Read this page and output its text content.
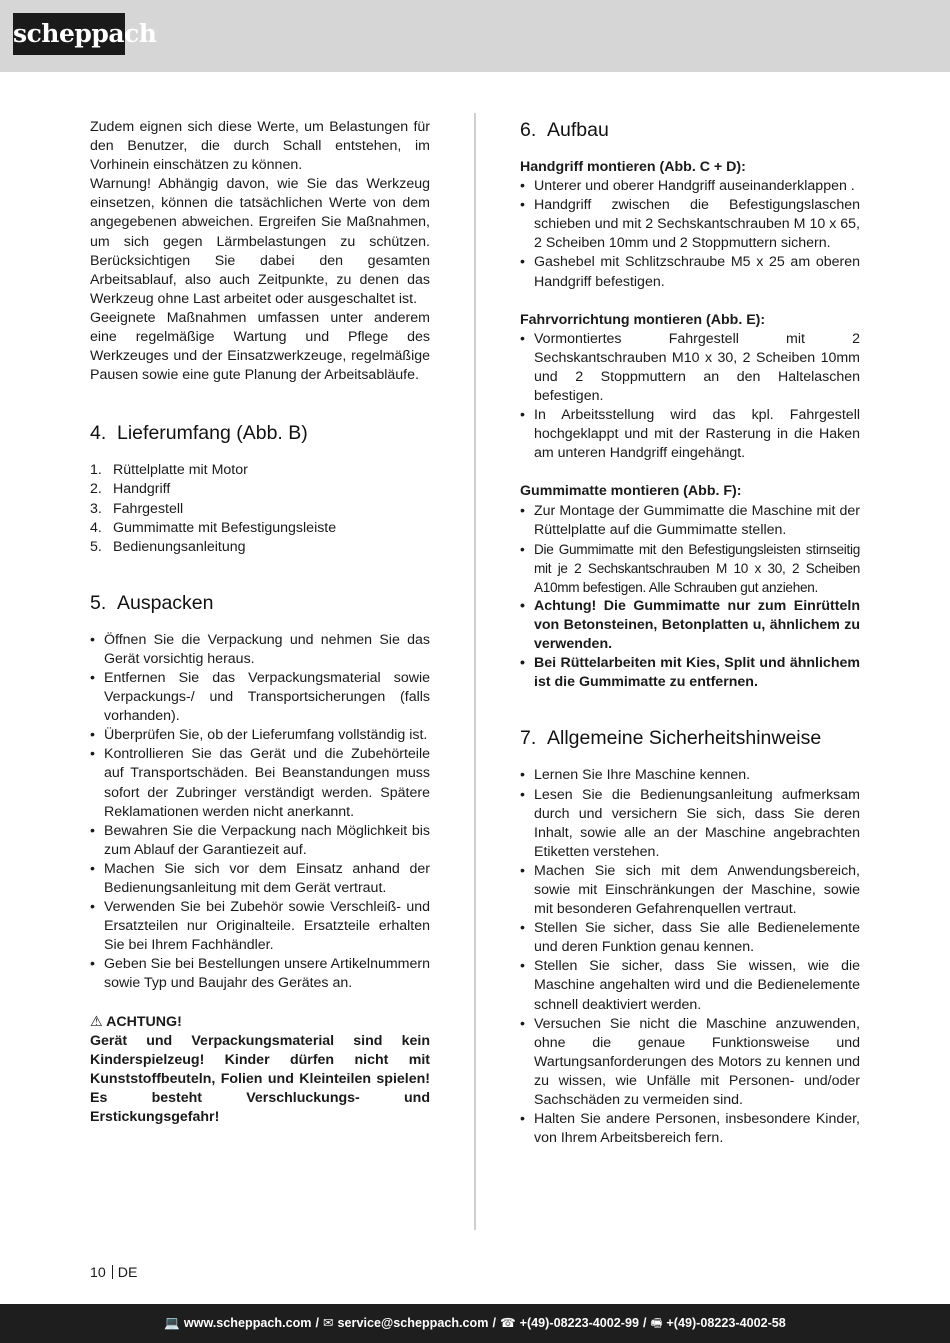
scheppach

Zudem eignen sich diese Werte, um Belastungen für den Benutzer, die durch Schall entstehen, im Vorhinein einschätzen zu können.

Warnung! Abhängig davon, wie Sie das Werkzeug einsetzen, können die tatsächlichen Werte von dem angegebenen abweichen. Ergreifen Sie Maßnahmen, um sich gegen Lärmbelastungen zu schützen. Berücksichtigen Sie dabei den gesamten Arbeitsablauf, also auch Zeitpunkte, zu denen das Werkzeug ohne Last arbeitet oder ausgeschaltet ist.

Geeignete Maßnahmen umfassen unter anderem eine regelmäßige Wartung und Pflege des Werkzeuges und der Einsatzwerkzeuge, regelmäßige Pausen sowie eine gute Planung der Arbeitsabläufe.

4. Lieferumfang (Abb. B)
1. Rüttelplatte mit Motor
2. Handgriff
3. Fahrgestell
4. Gummimatte mit Befestigungsleiste
5. Bedienungsanleitung
5. Auspacken
• Öffnen Sie die Verpackung und nehmen Sie das Gerät vorsichtig heraus.
• Entfernen Sie das Verpackungsmaterial sowie Verpackungs-/ und Transportsicherungen (falls vorhanden).
• Überprüfen Sie, ob der Lieferumfang vollständig ist.
• Kontrollieren Sie das Gerät und die Zubehörteile auf Transportschäden. Bei Beanstandungen muss sofort der Zubringer verständigt werden. Spätere Reklamationen werden nicht anerkannt.
• Bewahren Sie die Verpackung nach Möglichkeit bis zum Ablauf der Garantiezeit auf.
• Machen Sie sich vor dem Einsatz anhand der Bedienungsanleitung mit dem Gerät vertraut.
• Verwenden Sie bei Zubehör sowie Verschleiß- und Ersatzteilen nur Originalteile. Ersatzteile erhalten Sie bei Ihrem Fachhändler.
• Geben Sie bei Bestellungen unsere Artikelnummern sowie Typ und Baujahr des Gerätes an.
⚠ ACHTUNG!
Gerät und Verpackungsmaterial sind kein Kinderspielzeug! Kinder dürfen nicht mit Kunststoffbeuteln, Folien und Kleinteilen spielen! Es besteht Verschluckungs- und Erstickungsgefahr!
6. Aufbau
Handgriff montieren (Abb. C + D):
• Unterer und oberer Handgriff auseinanderklappen .
• Handgriff zwischen die Befestigungslaschen schieben und mit 2 Sechskantschrauben M 10 x 65, 2 Scheiben 10mm und 2 Stoppmuttern sichern.
• Gashebel mit Schlitzschraube M5 x 25 am oberen Handgriff befestigen.
Fahrvorrichtung montieren (Abb. E):
• Vormontiertes Fahrgestell mit 2 Sechskantschrauben M10 x 30, 2 Scheiben 10mm und 2 Stoppmuttern an den Haltelaschen befestigen.
• In Arbeitsstellung wird das kpl. Fahrgestell hochgeklappt und mit der Rasterung in die Haken am unteren Handgriff eingehängt.
Gummimatte montieren (Abb. F):
• Zur Montage der Gummimatte die Maschine mit der Rüttelplatte auf die Gummimatte stellen.
• Die Gummimatte mit den Befestigungsleisten stirnseitig mit je 2 Sechskantschrauben M 10 x 30, 2 Scheiben A10mm befestigen. Alle Schrauben gut anziehen.
• Achtung! Die Gummimatte nur zum Einrütteln von Betonsteinen, Betonplatten u, ähnlichem zu verwenden.
• Bei Rüttelarbeiten mit Kies, Split und ähnlichem ist die Gummimatte zu entfernen.
7. Allgemeine Sicherheitshinweise
• Lernen Sie Ihre Maschine kennen.
• Lesen Sie die Bedienungsanleitung aufmerksam durch und versichern Sie sich, dass Sie deren Inhalt, sowie alle an der Maschine angebrachten Etiketten verstehen.
• Machen Sie sich mit dem Anwendungsbereich, sowie mit Einschränkungen der Maschine, sowie mit besonderen Gefahrenquellen vertraut.
• Stellen Sie sicher, dass Sie alle Bedienelemente und deren Funktion genau kennen.
• Stellen Sie sicher, dass Sie wissen, wie die Maschine angehalten wird und die Bedienelemente schnell deaktiviert werden.
• Versuchen Sie nicht die Maschine anzuwenden, ohne die genaue Funktionsweise und Wartungsanforderungen des Motors zu kennen und zu wissen, wie Unfälle mit Personen- und/oder Sachschäden zu vermeiden sind.
• Halten Sie andere Personen, insbesondere Kinder, von Ihrem Arbeitsbereich fern.
10 DE
💻 www.scheppach.com / ✉ service@scheppach.com / ☎ +(49)-08223-4002-99 / 🖷 +(49)-08223-4002-58
